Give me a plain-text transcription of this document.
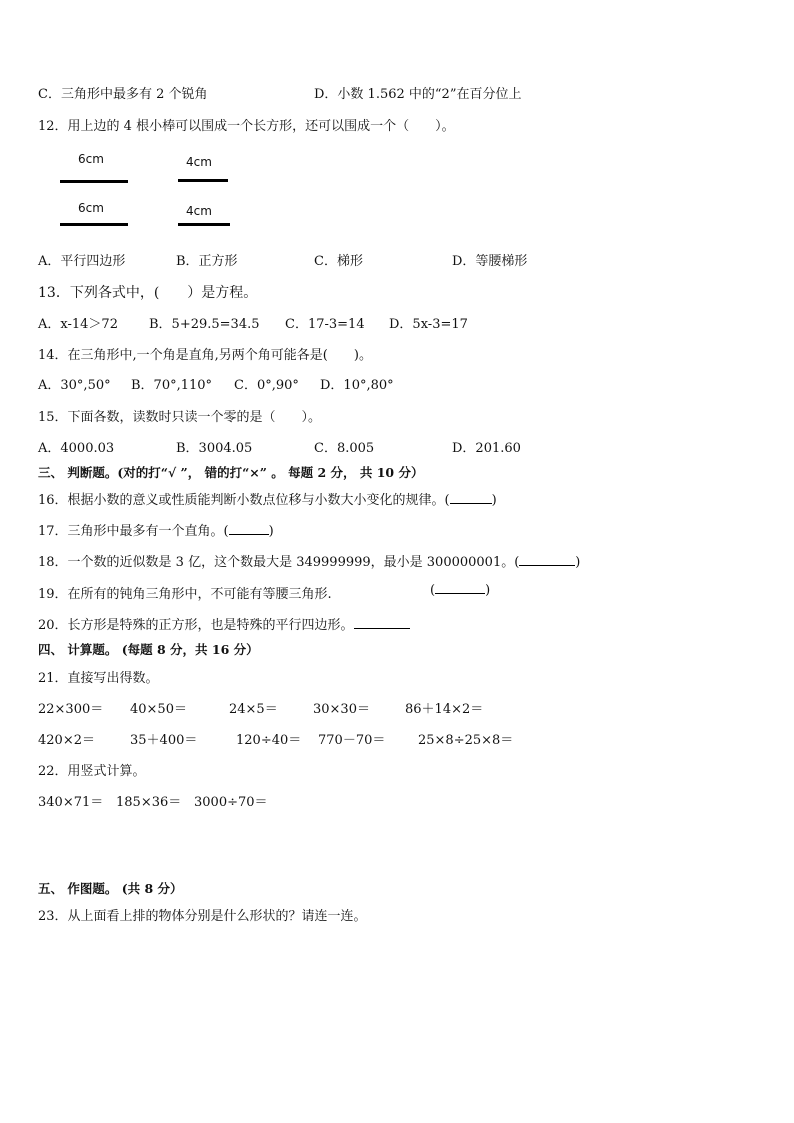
C．三角形中最多有 2 个锐角	D．小数 1.562 中的“2”在百分位上
12．用上边的 4 根小棒可以围成一个长方形，还可以围成一个（　　）。
6cm	4cm
6cm	4cm
A．平行四边形	B．正方形	C．梯形	D．等腰梯形
13．下列各式中，(　　）是方程。
A．x-14＞72 B．5+29.5=34.5 C．17-3=14 D．5x-3=17
14．在三角形中,一个角是直角,另两个角可能各是(　　)。
A．30°,50° B．70°,110° C．0°,90° D．10°,80°
15．下面各数，读数时只读一个零的是（　　）。
A．4000.03	B．3004.05	C．8.005	D．201.60
三、 判断题。(对的打“√ ”， 错的打“×” 。 每题 2 分， 共 10 分）
16．根据小数的意义或性质能判断小数点位移与小数大小变化的规律。(	)
17．三角形中最多有一个直角。(	)
18．一个数的近似数是 3 亿，这个数最大是 349999999，最小是 300000001。(	)
19．在所有的钝角三角形中，不可能有等腰三角形.	(	)
20．长方形是特殊的正方形，也是特殊的平行四边形。
四、 计算题。 (每题 8 分，共 16 分）
21．直接写出得数。
22×300＝ 40×50＝	24×5＝	30×30＝	86＋14×2＝
420×2＝	35＋400＝	120÷40＝ 770－70＝	25×8÷25×8＝
22．用竖式计算。
340×71＝ 185×36＝ 3000÷70＝
五、 作图题。 (共 8 分）
23．从上面看上排的物体分别是什么形状的？请连一连。
